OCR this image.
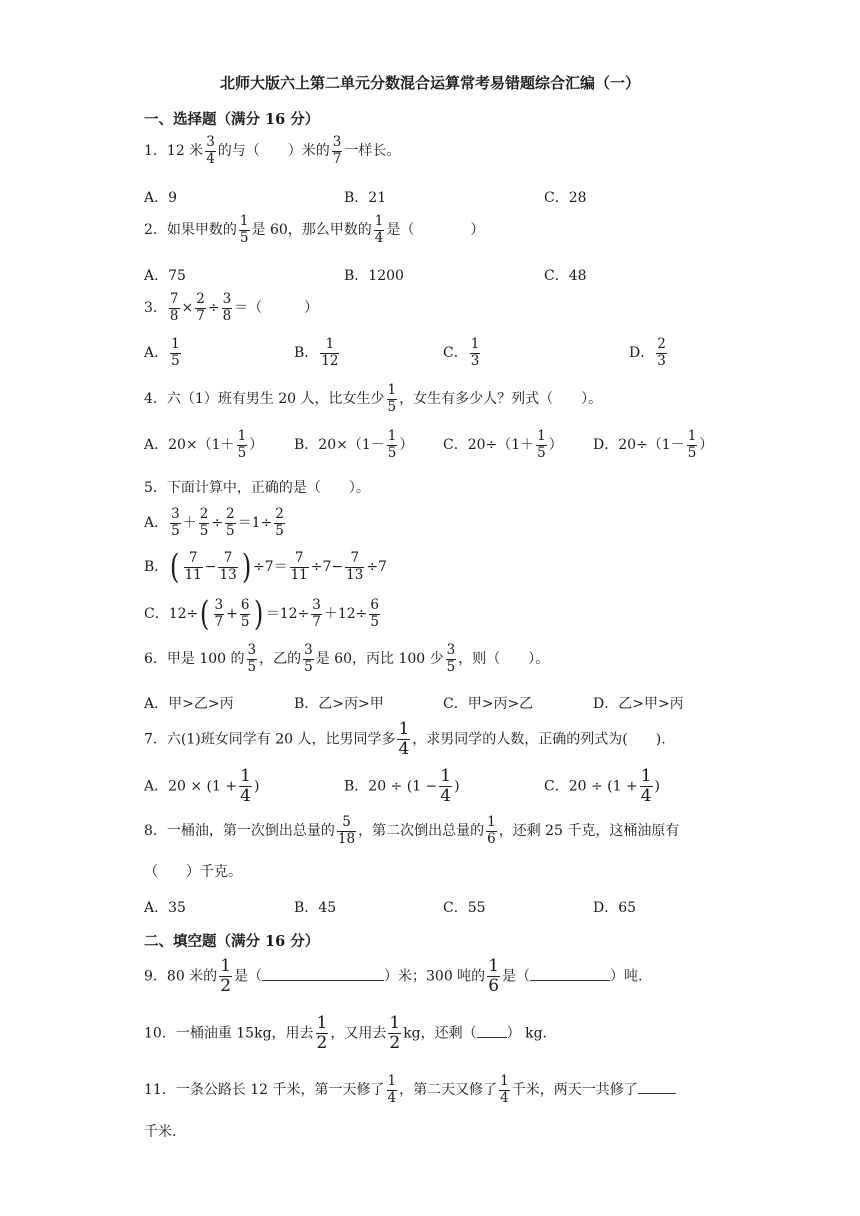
北师大版六上第二单元分数混合运算常考易错题综合汇编（一）
一、选择题（满分 16 分）
1．12 米 $\frac{3}{4}$ 的与（　　）米的 $\frac{3}{7}$ 一样长。
A．9	B．21	C．28
2．如果甲数的 $\frac{1}{5}$ 是 60，那么甲数的 $\frac{1}{4}$ 是（　　　　）
A．75	B．1200	C．48
3． $\frac{7}{8} \times \frac{2}{7} \div \frac{3}{8}$ ＝（　　　）
A． $\frac{1}{5}$	B． $\frac{1}{12}$	C． $\frac{1}{3}$	D． $\frac{2}{3}$
4．六（1）班有男生 20 人，比女生少 $\frac{1}{5}$ ，女生有多少人？列式（　　）。
A．$20\times(1+ \frac{1}{5}$ ） B．$20\times(1- \frac{1}{5}$ ） C．$20\div(1+ \frac{1}{5}$ ） D．$20\div(1- \frac{1}{5}$ ）
5．下面计算中，正确的是（　　）。
A． $\frac{3}{5} + \frac{2}{5} \div \frac{2}{5} =1\div \frac{2}{5}$
B．( $\frac{7}{11} - \frac{7}{13}$ ) $\div 7= \frac{7}{11} \div 7- \frac{7}{13} \div 7$
C．$12\div( \frac{3}{7} + \frac{6}{5}$ ) $=12\div \frac{3}{7} +12\div \frac{6}{5}$
6．甲是 100 的 $\frac{3}{5}$ ，乙的 $\frac{3}{5}$ 是 60，丙比 100 少 $\frac{3}{5}$ ，则（　　）。
A．甲>乙>丙	B．乙>丙>甲	C．甲>丙>乙	D．乙>甲>丙
7．六(1)班女同学有 20 人，比男同学多 $\frac{1}{4}$ ，求男同学的人数，正确的列式为(　　).
A．$20 \times (1 + \frac{1}{4}$ )	B．$20 \div (1 - \frac{1}{4}$ )	C．$20 \div (1 + \frac{1}{4}$ )
8．一桶油，第一次倒出总量的 $\frac{5}{18}$ ，第二次倒出总量的 $\frac{1}{6}$ ，还剩 25 千克，这桶油原有
（　　）千克。
A．35	B．45	C．55	D．65
二、填空题（满分 16 分）
9．80 米的 $\frac{1}{2}$ 是（	）米；300 吨的 $\frac{1}{6}$ 是（	）吨.
10．一桶油重 15kg，用去 $\frac{1}{2}$ ，又用去 $\frac{1}{2}$ kg，还剩（ ） kg.
11．一条公路长 12 千米，第一天修了 $\frac{1}{4}$ ，第二天又修了 $\frac{1}{4}$ 千米，两天一共修了
千米.
